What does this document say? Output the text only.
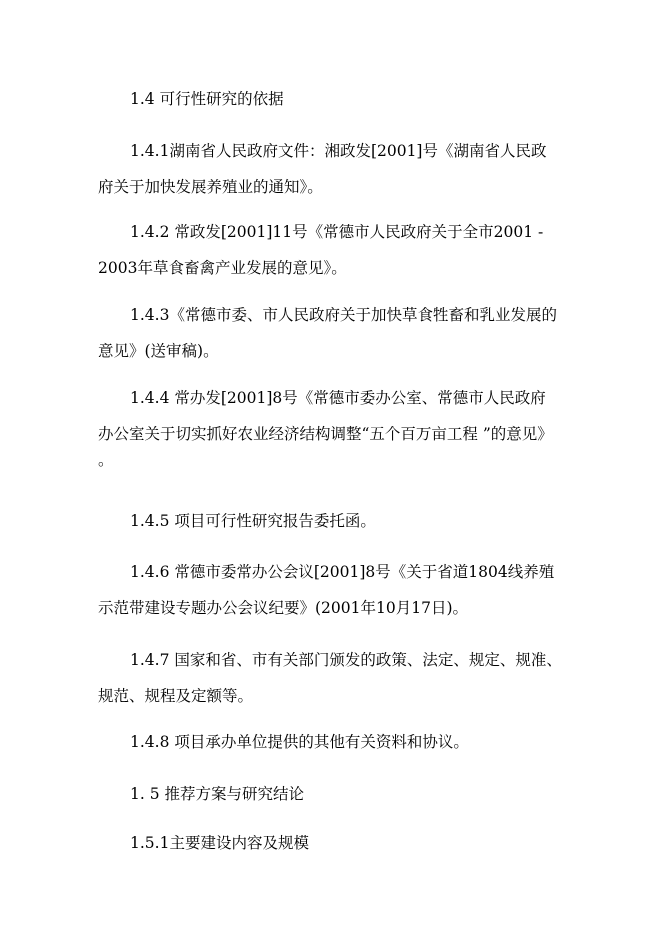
1.4 可行性研究的依据
1.4.1湖南省人民政府文件：湘政发[2001]号《湖南省人民政
府关于加快发展养殖业的通知》。
1.4.2 常政发[2001]11号《常德市人民政府关于全市2001 -
2003年草食畜禽产业发展的意见》。
1.4.3《常德市委、市人民政府关于加快草食牲畜和乳业发展的
意见》(送审稿)。
1.4.4 常办发[2001]8号《常德市委办公室、常德市人民政府
办公室关于切实抓好农业经济结构调整“五个百万亩工程 ”的意见》
。
1.4.5 项目可行性研究报告委托函。
1.4.6 常德市委常办公会议[2001]8号《关于省道1804线养殖
示范带建设专题办公会议纪要》(2001年10月17日)。
1.4.7 国家和省、市有关部门颁发的政策、法定、规定、规准、
规范、规程及定额等。
1.4.8 项目承办单位提供的其他有关资料和协议。
1. 5 推荐方案与研究结论
1.5.1主要建设内容及规模
